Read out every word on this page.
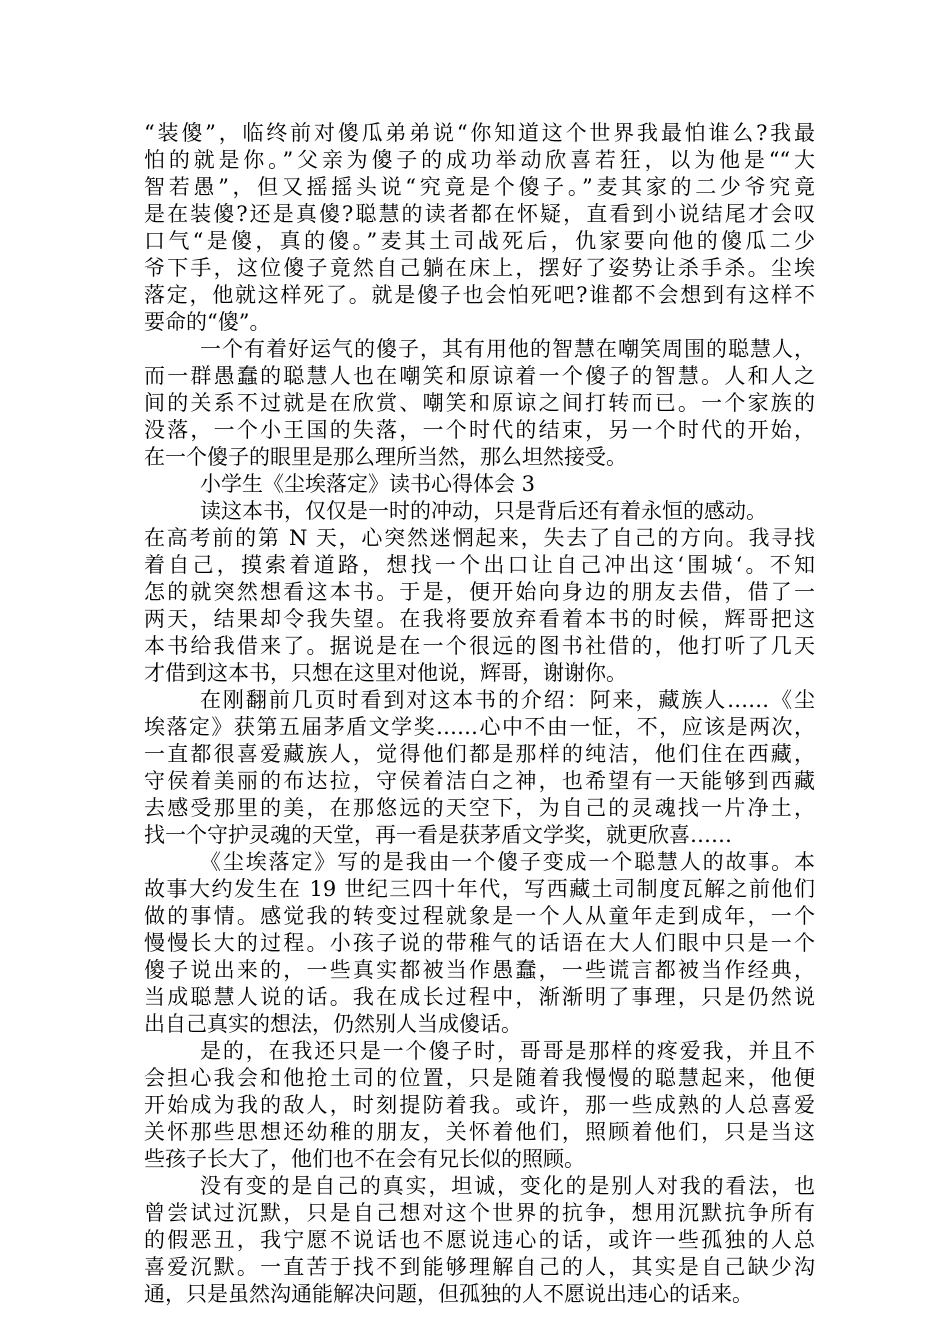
“装傻”，临终前对傻瓜弟弟说“你知道这个世界我最怕谁么?我最
怕的就是你。”父亲为傻子的成功举动欣喜若狂，以为他是““大
智若愚”，但又摇摇头说“究竟是个傻子。”麦其家的二少爷究竟
是在装傻?还是真傻?聪慧的读者都在怀疑，直看到小说结尾才会叹
口气“是傻，真的傻。”麦其土司战死后，仇家要向他的傻瓜二少
爷下手，这位傻子竟然自己躺在床上，摆好了姿势让杀手杀。尘埃
落定，他就这样死了。就是傻子也会怕死吧?谁都不会想到有这样不
要命的“傻”。
一个有着好运气的傻子，其有用他的智慧在嘲笑周围的聪慧人，
而一群愚蠢的聪慧人也在嘲笑和原谅着一个傻子的智慧。人和人之
间的关系不过就是在欣赏、嘲笑和原谅之间打转而已。一个家族的
没落，一个小王国的失落，一个时代的结束，另一个时代的开始，
在一个傻子的眼里是那么理所当然，那么坦然接受。
小学生《尘埃落定》读书心得体会 3
读这本书，仅仅是一时的冲动，只是背后还有着永恒的感动。
在高考前的第 N 天，心突然迷惘起来，失去了自己的方向。我寻找
着自己，摸索着道路，想找一个出口让自己冲出这‘围城‘。不知
怎的就突然想看这本书。于是，便开始向身边的朋友去借，借了一
两天，结果却令我失望。在我将要放弃看着本书的时候，辉哥把这
本书给我借来了。据说是在一个很远的图书社借的，他打听了几天
才借到这本书，只想在这里对他说，辉哥，谢谢你。
在刚翻前几页时看到对这本书的介绍：阿来，藏族人……《尘
埃落定》获第五届茅盾文学奖……心中不由一怔，不，应该是两次，
一直都很喜爱藏族人，觉得他们都是那样的纯洁，他们住在西藏，
守侯着美丽的布达拉，守侯着洁白之神，也希望有一天能够到西藏
去感受那里的美，在那悠远的天空下，为自己的灵魂找一片净土，
找一个守护灵魂的天堂，再一看是获茅盾文学奖，就更欣喜……
《尘埃落定》写的是我由一个傻子变成一个聪慧人的故事。本
故事大约发生在 19 世纪三四十年代，写西藏土司制度瓦解之前他们
做的事情。感觉我的转变过程就象是一个人从童年走到成年，一个
慢慢长大的过程。小孩子说的带稚气的话语在大人们眼中只是一个
傻子说出来的，一些真实都被当作愚蠢，一些谎言都被当作经典，
当成聪慧人说的话。我在成长过程中，渐渐明了事理，只是仍然说
出自己真实的想法，仍然别人当成傻话。
是的，在我还只是一个傻子时，哥哥是那样的疼爱我，并且不
会担心我会和他抢土司的位置，只是随着我慢慢的聪慧起来，他便
开始成为我的敌人，时刻提防着我。或许，那一些成熟的人总喜爱
关怀那些思想还幼稚的朋友，关怀着他们，照顾着他们，只是当这
些孩子长大了，他们也不在会有兄长似的照顾。
没有变的是自己的真实，坦诚，变化的是别人对我的看法，也
曾尝试过沉默，只是自己想对这个世界的抗争，想用沉默抗争所有
的假恶丑，我宁愿不说话也不愿说违心的话，或许一些孤独的人总
喜爱沉默。一直苦于找不到能够理解自己的人，其实是自己缺少沟
通，只是虽然沟通能解决问题，但孤独的人不愿说出违心的话来。
